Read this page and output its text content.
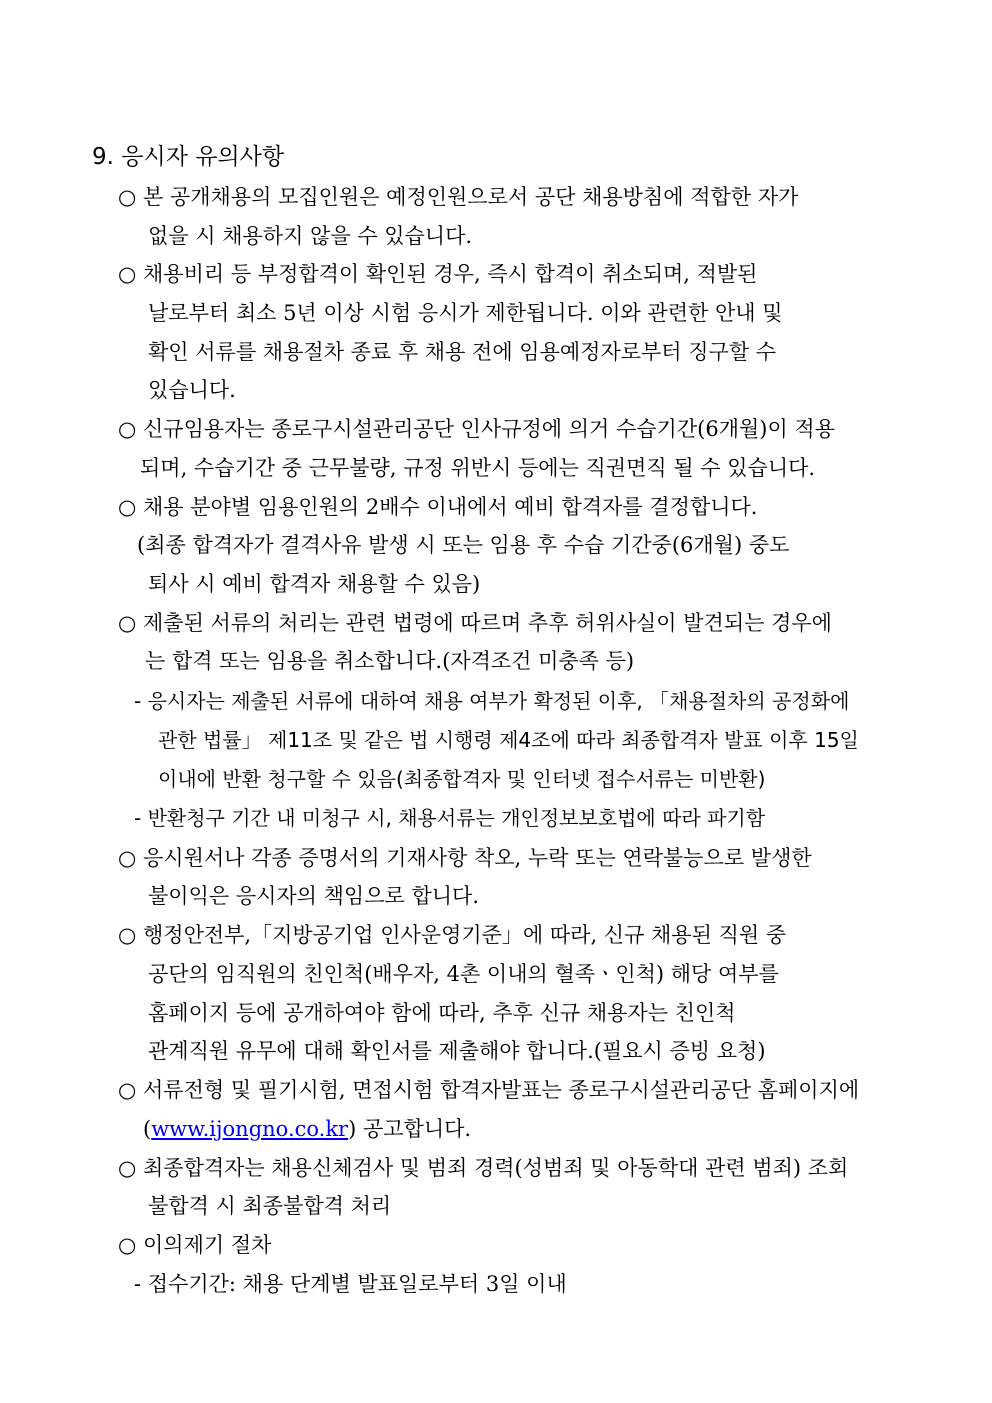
9. 응시자 유의사항
○ 본 공개채용의 모집인원은 예정인원으로서 공단 채용방침에 적합한 자가
없을 시 채용하지 않을 수 있습니다.
○ 채용비리 등 부정합격이 확인된 경우, 즉시 합격이 취소되며, 적발된
날로부터 최소 5년 이상 시험 응시가 제한됩니다. 이와 관련한 안내 및
확인 서류를 채용절차 종료 후 채용 전에 임용예정자로부터 징구할 수
있습니다.
○ 신규임용자는 종로구시설관리공단 인사규정에 의거 수습기간(6개월)이 적용
되며, 수습기간 중 근무불량, 규정 위반시 등에는 직권면직 될 수 있습니다.
○ 채용 분야별 임용인원의 2배수 이내에서 예비 합격자를 결정합니다.
(최종 합격자가 결격사유 발생 시 또는 임용 후 수습 기간중(6개월) 중도
퇴사 시 예비 합격자 채용할 수 있음)
○ 제출된 서류의 처리는 관련 법령에 따르며 추후 허위사실이 발견되는 경우에
는 합격 또는 임용을 취소합니다.(자격조건 미충족 등)
- 응시자는 제출된 서류에 대하여 채용 여부가 확정된 이후, 「채용절차의 공정화에
관한 법률」 제11조 및 같은 법 시행령 제4조에 따라 최종합격자 발표 이후 15일
이내에 반환 청구할 수 있음(최종합격자 및 인터넷 접수서류는 미반환)
- 반환청구 기간 내 미청구 시, 채용서류는 개인정보보호법에 따라 파기함
○ 응시원서나 각종 증명서의 기재사항 착오, 누락 또는 연락불능으로 발생한
불이익은 응시자의 책임으로 합니다.
○ 행정안전부,「지방공기업 인사운영기준」에 따라, 신규 채용된 직원 중
공단의 임직원의 친인척(배우자, 4촌 이내의 혈족ㆍ인척) 해당 여부를
홈페이지 등에 공개하여야 함에 따라, 추후 신규 채용자는 친인척
관계직원 유무에 대해 확인서를 제출해야 합니다.(필요시 증빙 요청)
○ 서류전형 및 필기시험, 면접시험 합격자발표는 종로구시설관리공단 홈페이지에
(www.ijongno.co.kr) 공고합니다.
○ 최종합격자는 채용신체검사 및 범죄 경력(성범죄 및 아동학대 관련 범죄) 조회
불합격 시 최종불합격 처리
○ 이의제기 절차
- 접수기간: 채용 단계별 발표일로부터 3일 이내
